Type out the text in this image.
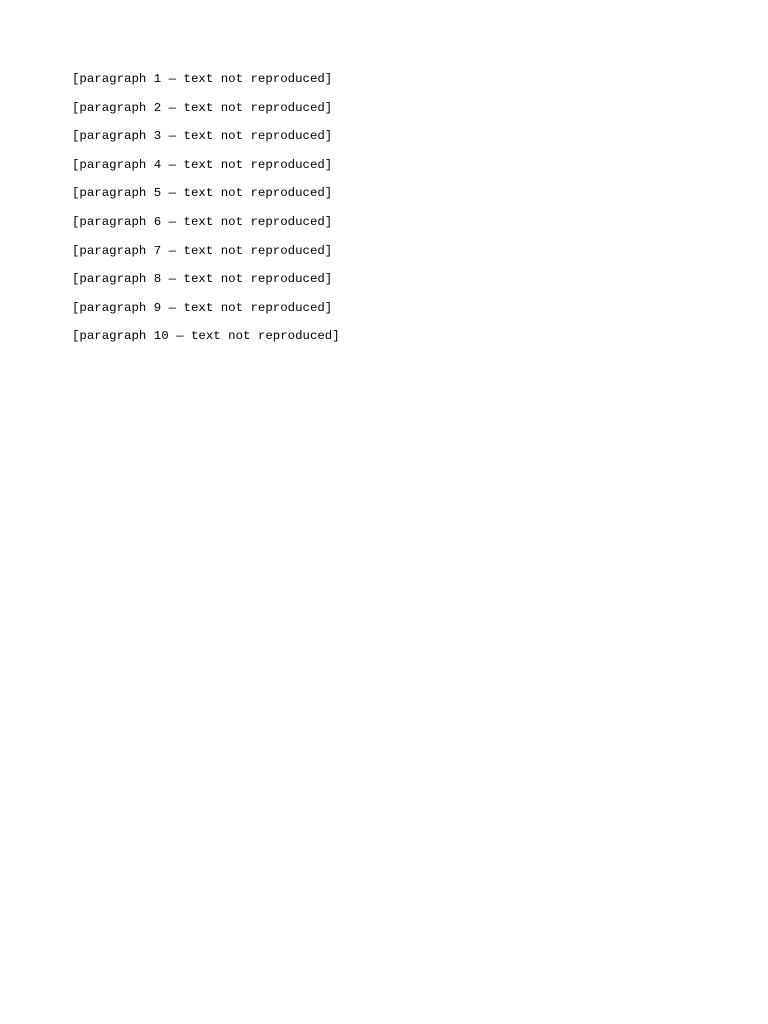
[paragraph 1 — text not reproduced]

[paragraph 2 — text not reproduced]

[paragraph 3 — text not reproduced]

[paragraph 4 — text not reproduced]

[paragraph 5 — text not reproduced]

[paragraph 6 — text not reproduced]

[paragraph 7 — text not reproduced]

[paragraph 8 — text not reproduced]

[paragraph 9 — text not reproduced]

[paragraph 10 — text not reproduced]
